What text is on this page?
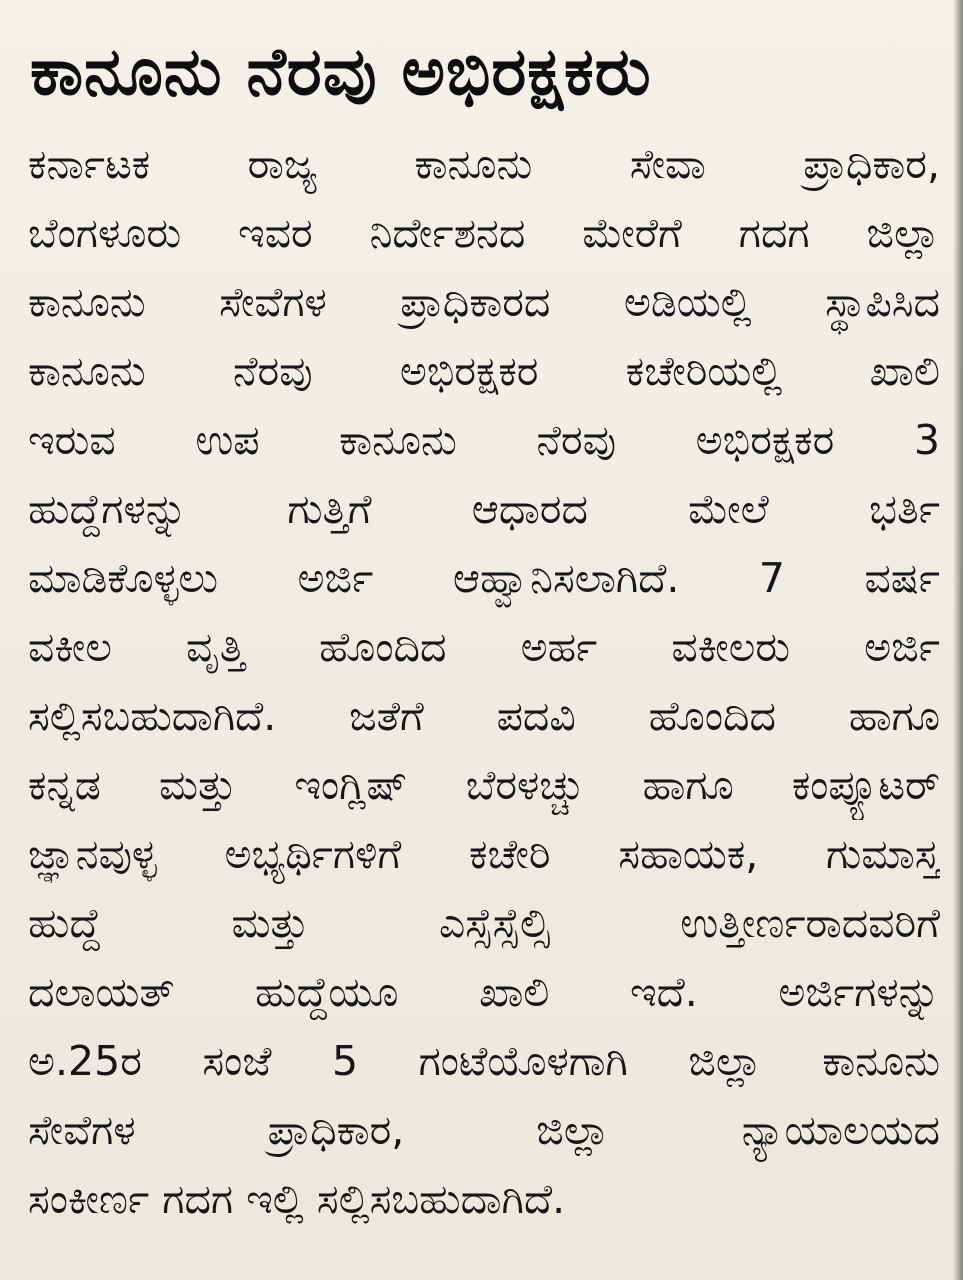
ಕಾನೂನು ನೆರವು ಅಭಿರಕ್ಷಕರು
ಕರ್ನಾಟಕ ರಾಜ್ಯ ಕಾನೂನು ಸೇವಾ ಪ್ರಾಧಿಕಾರ,
ಬೆಂಗಳೂರು ಇವರ ನಿರ್ದೇಶನದ ಮೇರೆಗೆ ಗದಗ ಜಿಲ್ಲಾ
ಕಾನೂನು ಸೇವೆಗಳ ಪ್ರಾಧಿಕಾರದ ಅಡಿಯಲ್ಲಿ ಸ್ಥಾಪಿಸಿದ
ಕಾನೂನು ನೆರವು ಅಭಿರಕ್ಷಕರ ಕಚೇರಿಯಲ್ಲಿ ಖಾಲಿ
ಇರುವ ಉಪ ಕಾನೂನು ನೆರವು ಅಭಿರಕ್ಷಕರ 3
ಹುದ್ದೆಗಳನ್ನು ಗುತ್ತಿಗೆ ಆಧಾರದ ಮೇಲೆ ಭರ್ತಿ
ಮಾಡಿಕೊಳ್ಳಲು ಅರ್ಜಿ ಆಹ್ವಾನಿಸಲಾಗಿದೆ. 7 ವರ್ಷ
ವಕೀಲ ವೃತ್ತಿ ಹೊಂದಿದ ಅರ್ಹ ವಕೀಲರು ಅರ್ಜಿ
ಸಲ್ಲಿಸಬಹುದಾಗಿದೆ. ಜತೆಗೆ ಪದವಿ ಹೊಂದಿದ ಹಾಗೂ
ಕನ್ನಡ ಮತ್ತು ಇಂಗ್ಲಿಷ್ ಬೆರಳಚ್ಚು ಹಾಗೂ ಕಂಪ್ಯೂಟರ್
ಜ್ಞಾನವುಳ್ಳ ಅಭ್ಯರ್ಥಿಗಳಿಗೆ ಕಚೇರಿ ಸಹಾಯಕ, ಗುಮಾಸ್ತ
ಹುದ್ದೆ ಮತ್ತು ಎಸ್ಸೆಸ್ಸೆಲ್ಸಿ ಉತ್ತೀರ್ಣರಾದವರಿಗೆ
ದಲಾಯತ್ ಹುದ್ದೆಯೂ ಖಾಲಿ ಇದೆ. ಅರ್ಜಿಗಳನ್ನು
ಅ.25ರ ಸಂಜೆ 5 ಗಂಟೆಯೊಳಗಾಗಿ ಜಿಲ್ಲಾ ಕಾನೂನು
ಸೇವೆಗಳ ಪ್ರಾಧಿಕಾರ, ಜಿಲ್ಲಾ ನ್ಯಾಯಾಲಯದ
ಸಂಕೀರ್ಣ ಗದಗ ಇಲ್ಲಿ ಸಲ್ಲಿಸಬಹುದಾಗಿದೆ.
